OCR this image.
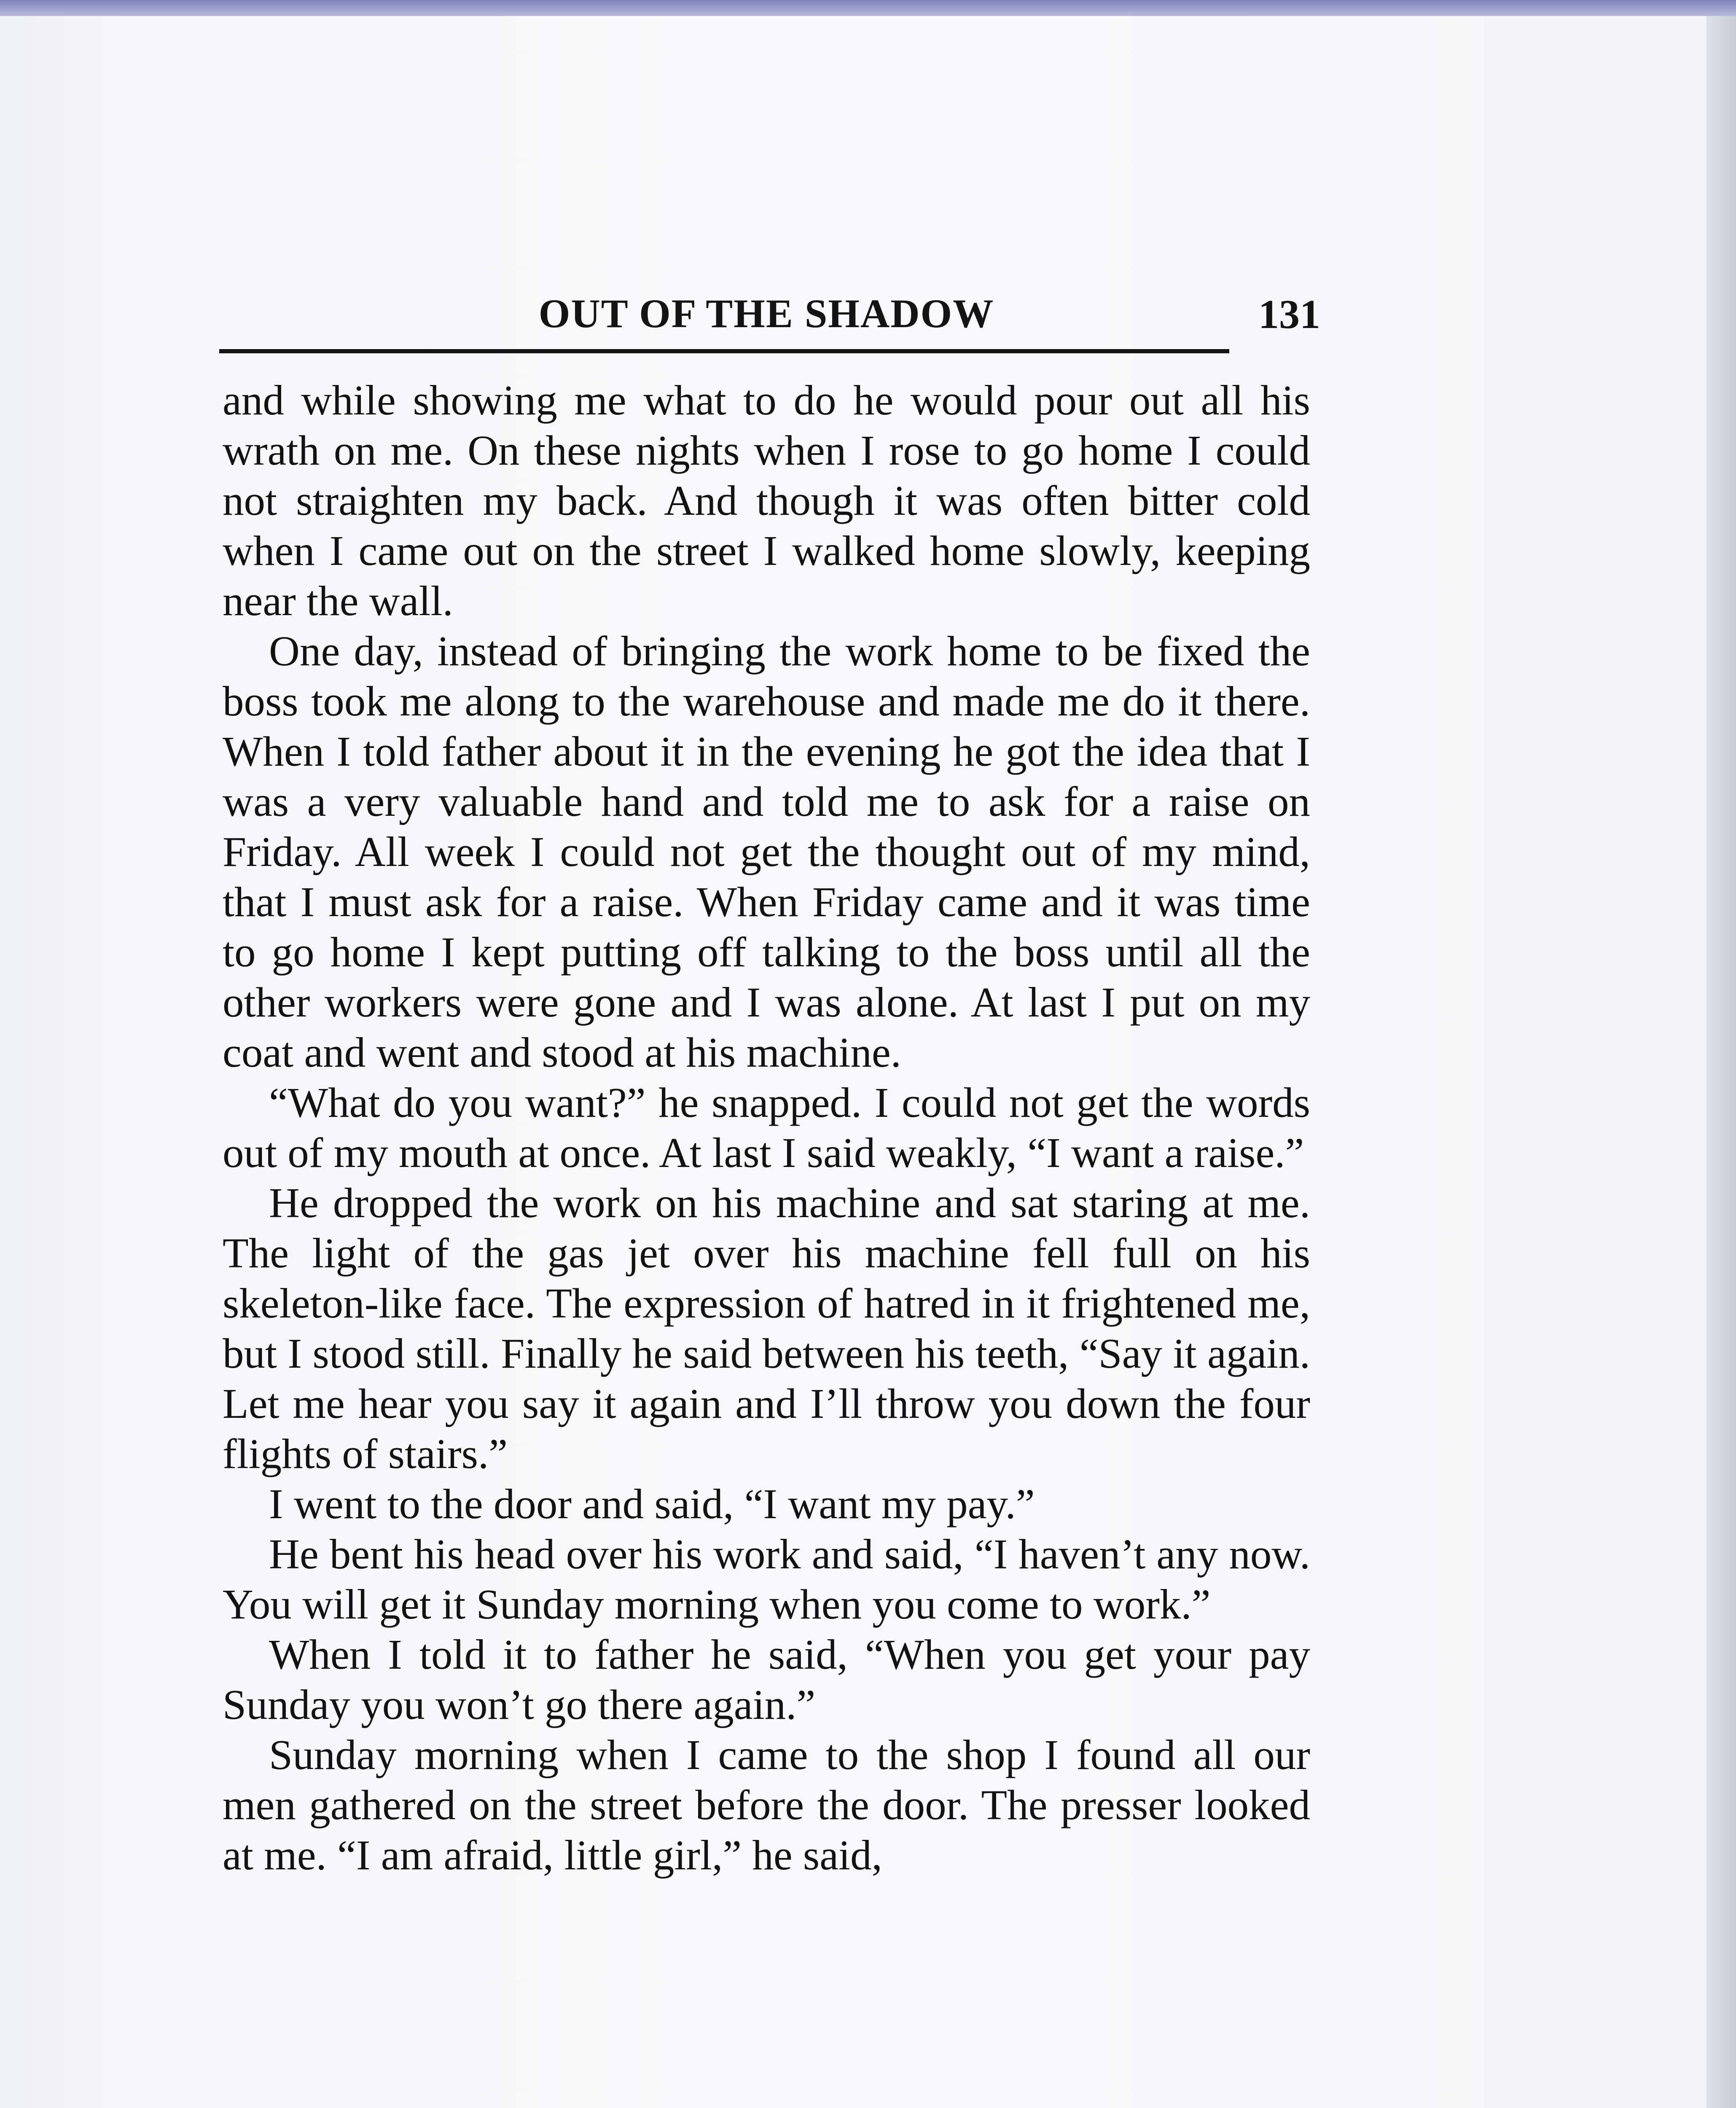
OUT OF THE SHADOW	131

and while showing me what to do he would pour out all his wrath on me. On these nights when I rose to go home I could not straighten my back. And though it was often bitter cold when I came out on the street I walked home slowly, keeping near the wall.

One day, instead of bringing the work home to be fixed the boss took me along to the warehouse and made me do it there. When I told father about it in the evening he got the idea that I was a very valuable hand and told me to ask for a raise on Friday. All week I could not get the thought out of my mind, that I must ask for a raise. When Friday came and it was time to go home I kept putting off talking to the boss until all the other workers were gone and I was alone. At last I put on my coat and went and stood at his machine.

“What do you want?” he snapped. I could not get the words out of my mouth at once. At last I said weakly, “I want a raise.”

He dropped the work on his machine and sat staring at me. The light of the gas jet over his machine fell full on his skeleton-like face. The expression of hatred in it frightened me, but I stood still. Finally he said between his teeth, “Say it again. Let me hear you say it again and I’ll throw you down the four flights of stairs.”

I went to the door and said, “I want my pay.”

He bent his head over his work and said, “I haven’t any now. You will get it Sunday morning when you come to work.”

When I told it to father he said, “When you get your pay Sunday you won’t go there again.”

Sunday morning when I came to the shop I found all our men gathered on the street before the door. The presser looked at me. “I am afraid, little girl,” he said,
